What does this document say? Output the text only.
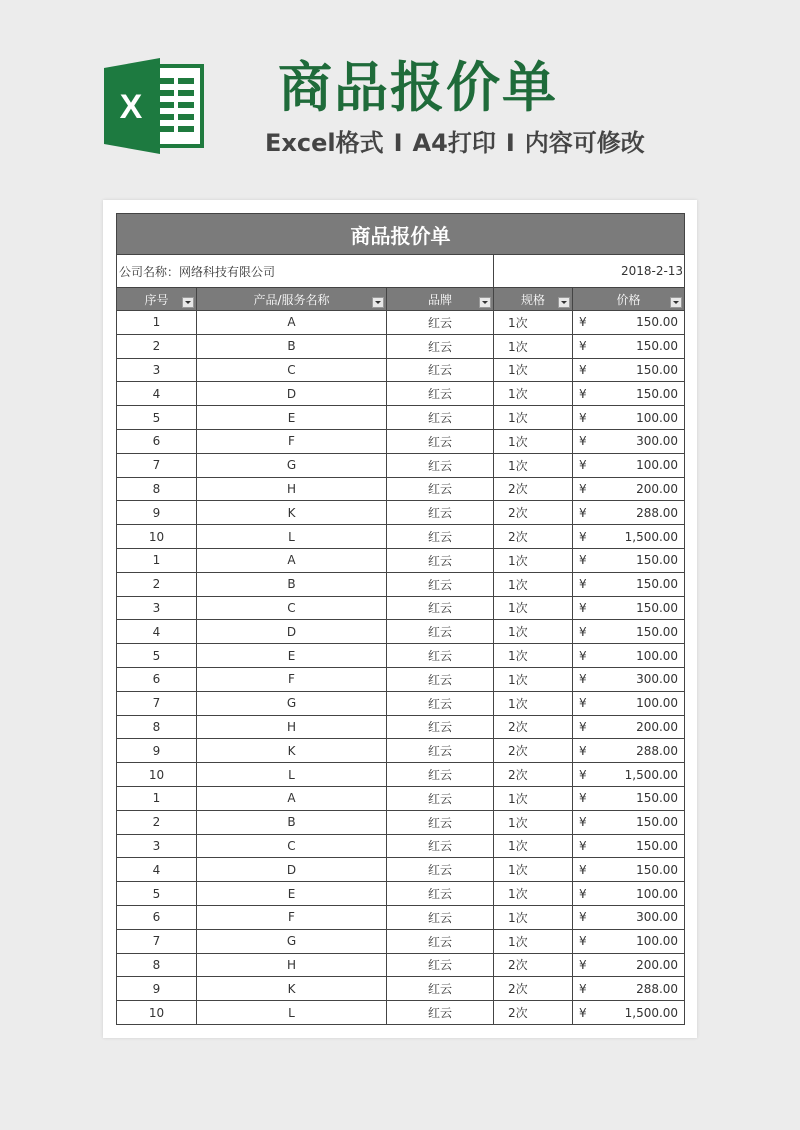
X	商品报价单
Excel格式 I A4打印 I 内容可修改
商品报价单				
公司名称：网络科技有限公司			2018-2-13	
序号	产品/服务名称	品牌	规格	价格

1	A	红云	1次	¥ 150.00

2	B	红云	1次	¥ 150.00

3	C	红云	1次	¥ 150.00

4	D	红云	1次	¥ 150.00

5	E	红云	1次	¥ 100.00

6	F	红云	1次	¥ 300.00

7	G	红云	1次	¥ 100.00

8	H	红云	2次	¥ 200.00

9	K	红云	2次	¥ 288.00

10	L	红云	2次	¥ 1,500.00

1	A	红云	1次	¥ 150.00

2	B	红云	1次	¥ 150.00

3	C	红云	1次	¥ 150.00

4	D	红云	1次	¥ 150.00

5	E	红云	1次	¥ 100.00

6	F	红云	1次	¥ 300.00

7	G	红云	1次	¥ 100.00

8	H	红云	2次	¥ 200.00

9	K	红云	2次	¥ 288.00

10	L	红云	2次	¥ 1,500.00

1	A	红云	1次	¥ 150.00

2	B	红云	1次	¥ 150.00

3	C	红云	1次	¥ 150.00

4	D	红云	1次	¥ 150.00

5	E	红云	1次	¥ 100.00

6	F	红云	1次	¥ 300.00

7	G	红云	1次	¥ 100.00

8	H	红云	2次	¥ 200.00

9	K	红云	2次	¥ 288.00

10	L	红云	2次	¥ 1,500.00
